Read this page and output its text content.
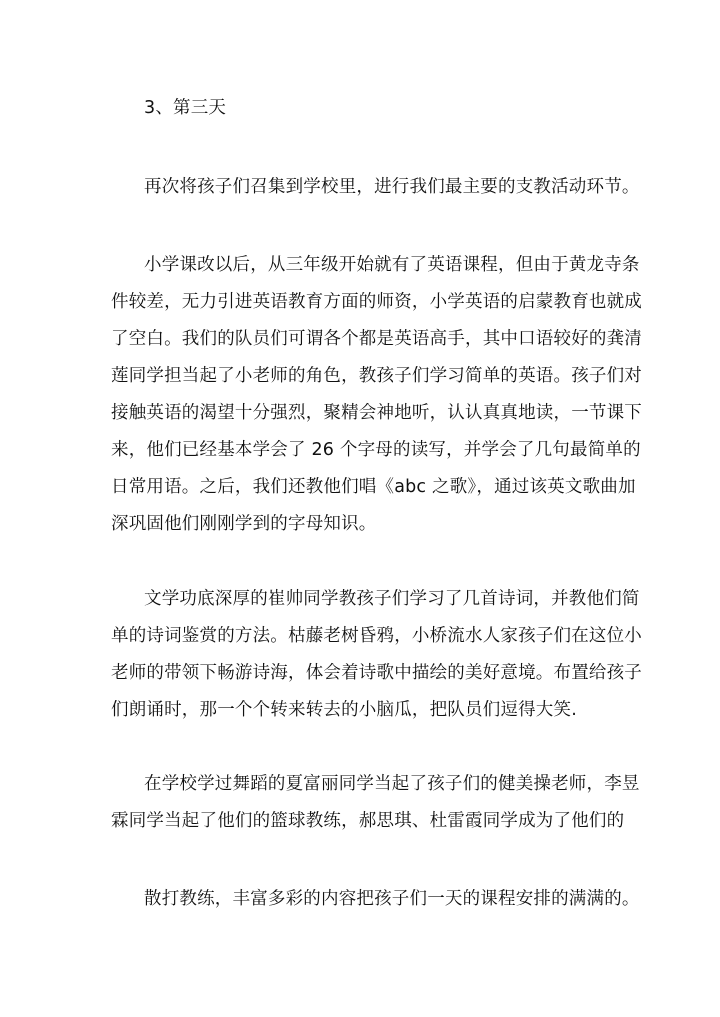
3、第三天
再次将孩子们召集到学校里，进行我们最主要的支教活动环节。
小学课改以后，从三年级开始就有了英语课程，但由于黄龙寺条
件较差，无力引进英语教育方面的师资，小学英语的启蒙教育也就成
了空白。我们的队员们可谓各个都是英语高手，其中口语较好的龚清
莲同学担当起了小老师的角色，教孩子们学习简单的英语。孩子们对
接触英语的渴望十分强烈，聚精会神地听，认认真真地读，一节课下
来，他们已经基本学会了 26 个字母的读写，并学会了几句最简单的
日常用语。之后，我们还教他们唱《abc 之歌》，通过该英文歌曲加
深巩固他们刚刚学到的字母知识。
文学功底深厚的崔帅同学教孩子们学习了几首诗词，并教他们简
单的诗词鉴赏的方法。枯藤老树昏鸦，小桥流水人家孩子们在这位小
老师的带领下畅游诗海，体会着诗歌中描绘的美好意境。布置给孩子
们朗诵时，那一个个转来转去的小脑瓜，把队员们逗得大笑.
在学校学过舞蹈的夏富丽同学当起了孩子们的健美操老师，李昱
霖同学当起了他们的篮球教练，郝思琪、杜雷霞同学成为了他们的
散打教练，丰富多彩的内容把孩子们一天的课程安排的满满的。
